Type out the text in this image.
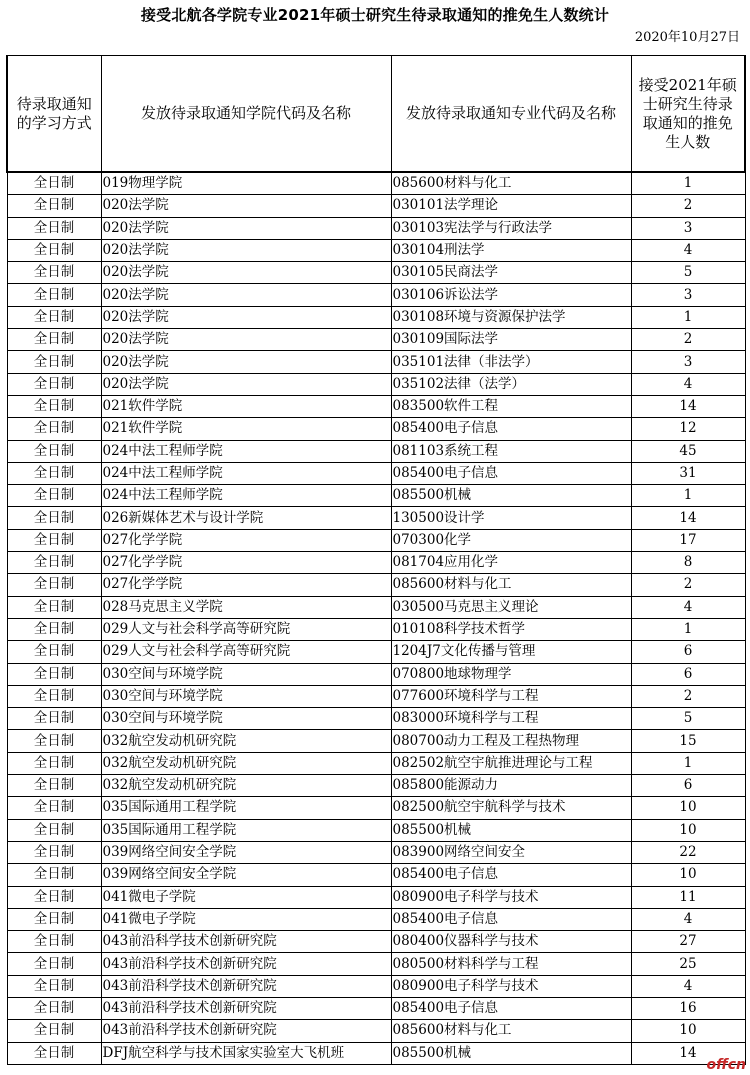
接受北航各学院专业2021年硕士研究生待录取通知的推免生人数统计
2020年10月27日
待录取通知的学习方式	发放待录取通知学院代码及名称	发放待录取通知专业代码及名称	接受2021年硕士研究生待录取通知的推免生人数

全日制	019物理学院	085600材料与化工	1
全日制	020法学院	030101法学理论	2
全日制	020法学院	030103宪法学与行政法学	3
全日制	020法学院	030104刑法学	4
全日制	020法学院	030105民商法学	5
全日制	020法学院	030106诉讼法学	3
全日制	020法学院	030108环境与资源保护法学	1
全日制	020法学院	030109国际法学	2
全日制	020法学院	035101法律（非法学）	3
全日制	020法学院	035102法律（法学）	4
全日制	021软件学院	083500软件工程	14
全日制	021软件学院	085400电子信息	12
全日制	024中法工程师学院	081103系统工程	45
全日制	024中法工程师学院	085400电子信息	31
全日制	024中法工程师学院	085500机械	1
全日制	026新媒体艺术与设计学院	130500设计学	14
全日制	027化学学院	070300化学	17
全日制	027化学学院	081704应用化学	8
全日制	027化学学院	085600材料与化工	2
全日制	028马克思主义学院	030500马克思主义理论	4
全日制	029人文与社会科学高等研究院	010108科学技术哲学	1
全日制	029人文与社会科学高等研究院	1204J7文化传播与管理	6
全日制	030空间与环境学院	070800地球物理学	6
全日制	030空间与环境学院	077600环境科学与工程	2
全日制	030空间与环境学院	083000环境科学与工程	5
全日制	032航空发动机研究院	080700动力工程及工程热物理	15
全日制	032航空发动机研究院	082502航空宇航推进理论与工程	1
全日制	032航空发动机研究院	085800能源动力	6
全日制	035国际通用工程学院	082500航空宇航科学与技术	10
全日制	035国际通用工程学院	085500机械	10
全日制	039网络空间安全学院	083900网络空间安全	22
全日制	039网络空间安全学院	085400电子信息	10
全日制	041微电子学院	080900电子科学与技术	11
全日制	041微电子学院	085400电子信息	4
全日制	043前沿科学技术创新研究院	080400仪器科学与技术	27
全日制	043前沿科学技术创新研究院	080500材料科学与工程	25
全日制	043前沿科学技术创新研究院	080900电子科学与技术	4
全日制	043前沿科学技术创新研究院	085400电子信息	16
全日制	043前沿科学技术创新研究院	085600材料与化工	10
全日制	DFJ航空科学与技术国家实验室大飞机班	085500机械	14
offcn
